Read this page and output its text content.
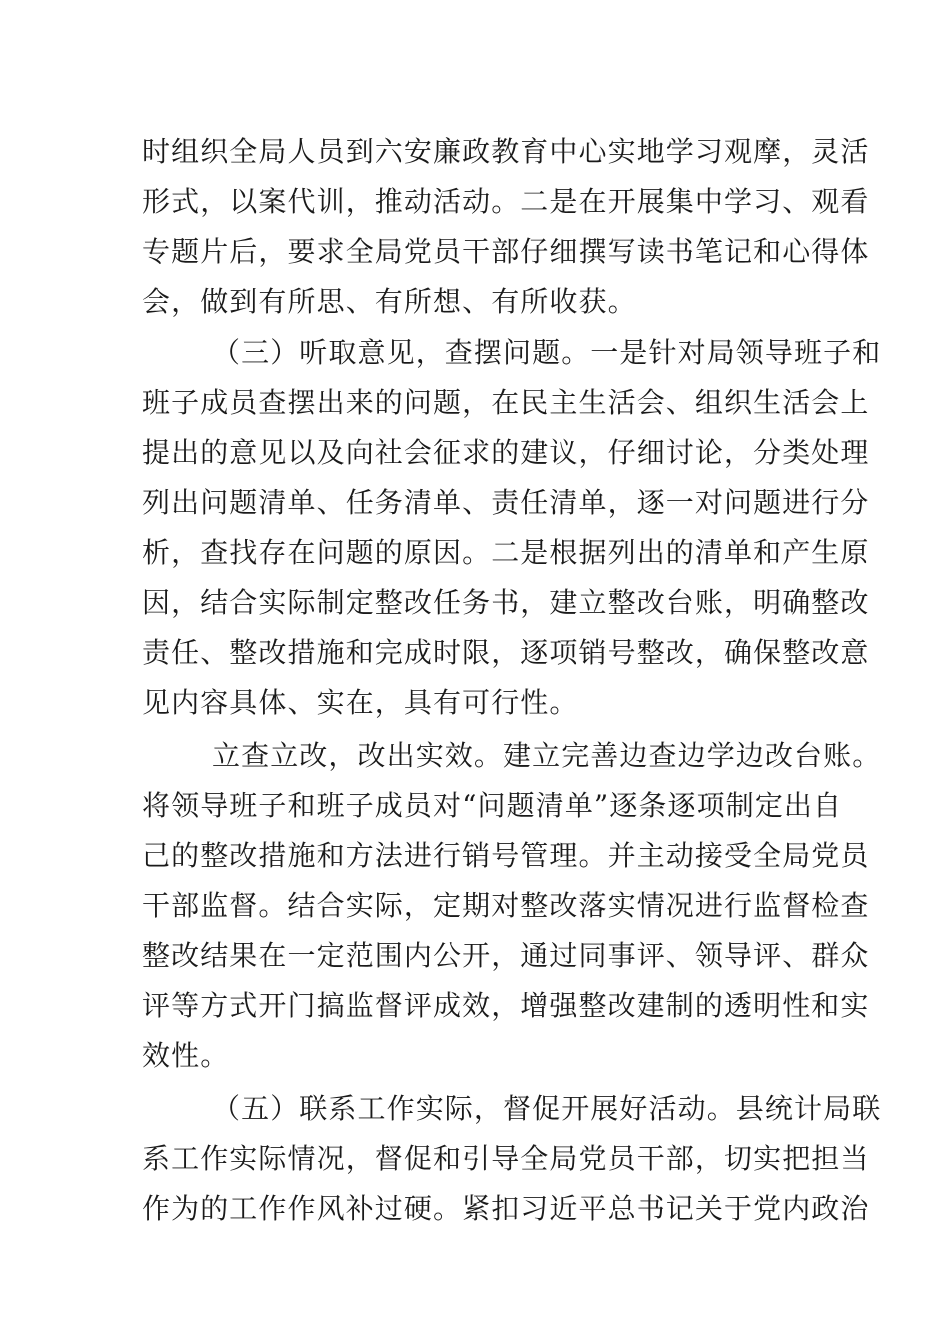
时组织全局人员到六安廉政教育中心实地学习观摩，灵活
形式，以案代训，推动活动。二是在开展集中学习、观看
专题片后，要求全局党员干部仔细撰写读书笔记和心得体
会，做到有所思、有所想、有所收获。
（三）听取意见，查摆问题。一是针对局领导班子和
班子成员查摆出来的问题，在民主生活会、组织生活会上
提出的意见以及向社会征求的建议，仔细讨论，分类处理
列出问题清单、任务清单、责任清单，逐一对问题进行分
析，查找存在问题的原因。二是根据列出的清单和产生原
因，结合实际制定整改任务书，建立整改台账，明确整改
责任、整改措施和完成时限，逐项销号整改，确保整改意
见内容具体、实在，具有可行性。
立查立改，改出实效。建立完善边查边学边改台账。
将领导班子和班子成员对“问题清单”逐条逐项制定出自
己的整改措施和方法进行销号管理。并主动接受全局党员
干部监督。结合实际，定期对整改落实情况进行监督检查
整改结果在一定范围内公开，通过同事评、领导评、群众
评等方式开门搞监督评成效，增强整改建制的透明性和实
效性。
（五）联系工作实际，督促开展好活动。县统计局联
系工作实际情况，督促和引导全局党员干部，切实把担当
作为的工作作风补过硬。紧扣习近平总书记关于党内政治
